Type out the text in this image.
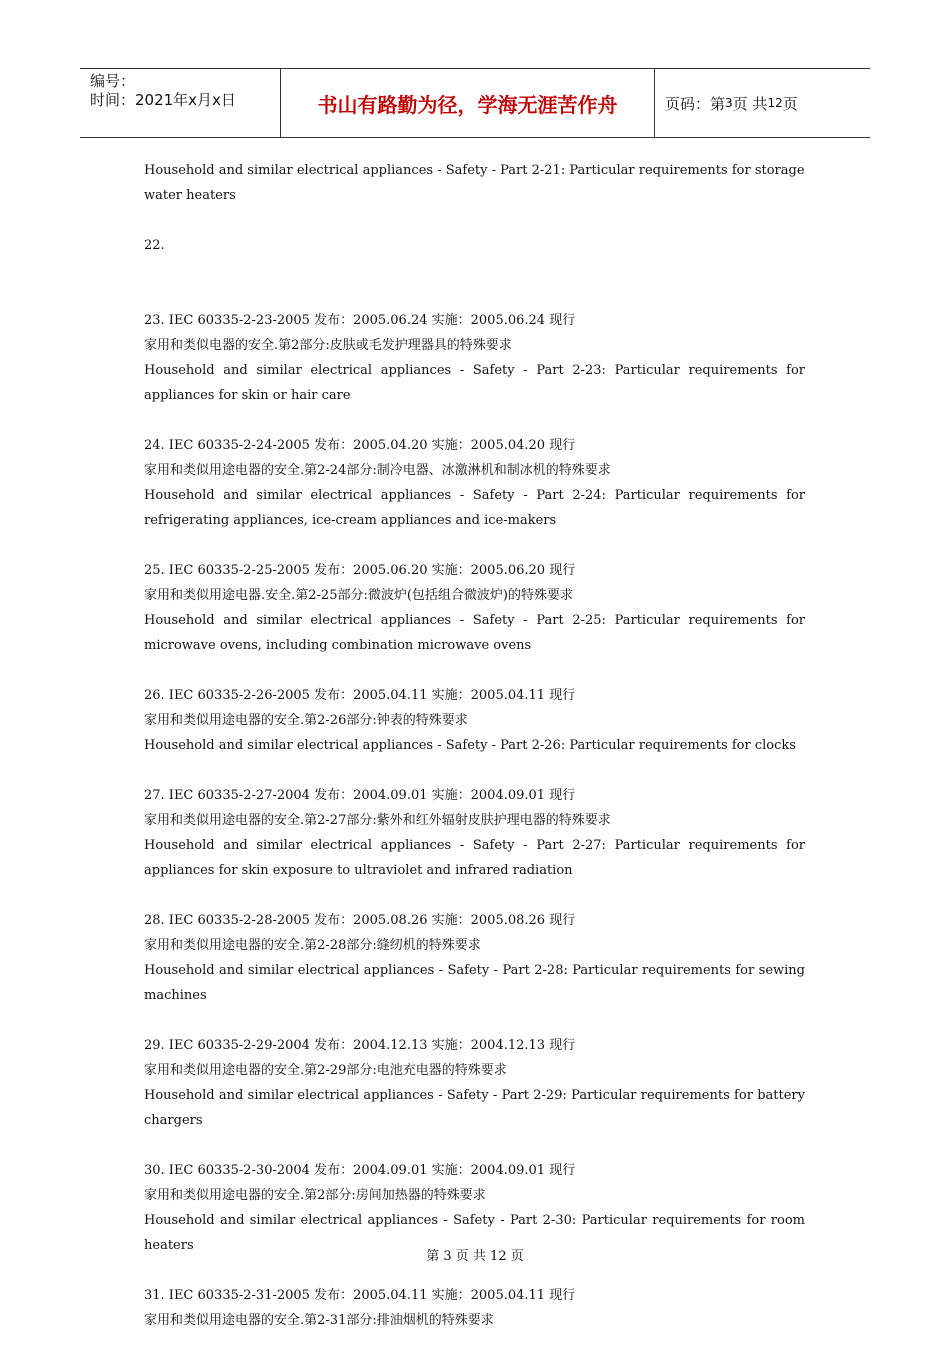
编号：
时间：2021年x月x日	书山有路勤为径，学海无涯苦作舟	页码：第 3 页 共 12 页
Household and similar electrical appliances - Safety - Part 2-21: Particular requirements for storage water heaters
22.
23. IEC 60335-2-23-2005 发布：2005.06.24 实施：2005.06.24 现行
家用和类似电器的安全.第2部分:皮肤或毛发护理器具的特殊要求
Household and similar electrical appliances - Safety - Part 2-23: Particular requirements for appliances for skin or hair care
24. IEC 60335-2-24-2005 发布：2005.04.20 实施：2005.04.20 现行
家用和类似用途电器的安全.第2-24部分:制冷电器、冰激淋机和制冰机的特殊要求
Household and similar electrical appliances - Safety - Part 2-24: Particular requirements for refrigerating appliances, ice-cream appliances and ice-makers
25. IEC 60335-2-25-2005 发布：2005.06.20 实施：2005.06.20 现行
家用和类似用途电器.安全.第2-25部分:微波炉(包括组合微波炉)的特殊要求
Household and similar electrical appliances - Safety - Part 2-25: Particular requirements for microwave ovens, including combination microwave ovens
26. IEC 60335-2-26-2005 发布：2005.04.11 实施：2005.04.11 现行
家用和类似用途电器的安全.第2-26部分:钟表的特殊要求
Household and similar electrical appliances - Safety - Part 2-26: Particular requirements for clocks
27. IEC 60335-2-27-2004 发布：2004.09.01 实施：2004.09.01 现行
家用和类似用途电器的安全.第2-27部分:紫外和红外辐射皮肤护理电器的特殊要求
Household and similar electrical appliances - Safety - Part 2-27: Particular requirements for appliances for skin exposure to ultraviolet and infrared radiation
28. IEC 60335-2-28-2005 发布：2005.08.26 实施：2005.08.26 现行
家用和类似用途电器的安全.第2-28部分:缝纫机的特殊要求
Household and similar electrical appliances - Safety - Part 2-28: Particular requirements for sewing machines
29. IEC 60335-2-29-2004 发布：2004.12.13 实施：2004.12.13 现行
家用和类似用途电器的安全.第2-29部分:电池充电器的特殊要求
Household and similar electrical appliances - Safety - Part 2-29: Particular requirements for battery chargers
30. IEC 60335-2-30-2004 发布：2004.09.01 实施：2004.09.01 现行
家用和类似用途电器的安全.第2部分:房间加热器的特殊要求
Household and similar electrical appliances - Safety - Part 2-30: Particular requirements for room heaters
31. IEC 60335-2-31-2005 发布：2005.04.11 实施：2005.04.11 现行
家用和类似用途电器的安全.第2-31部分:排油烟机的特殊要求
第 3 页 共 12 页
